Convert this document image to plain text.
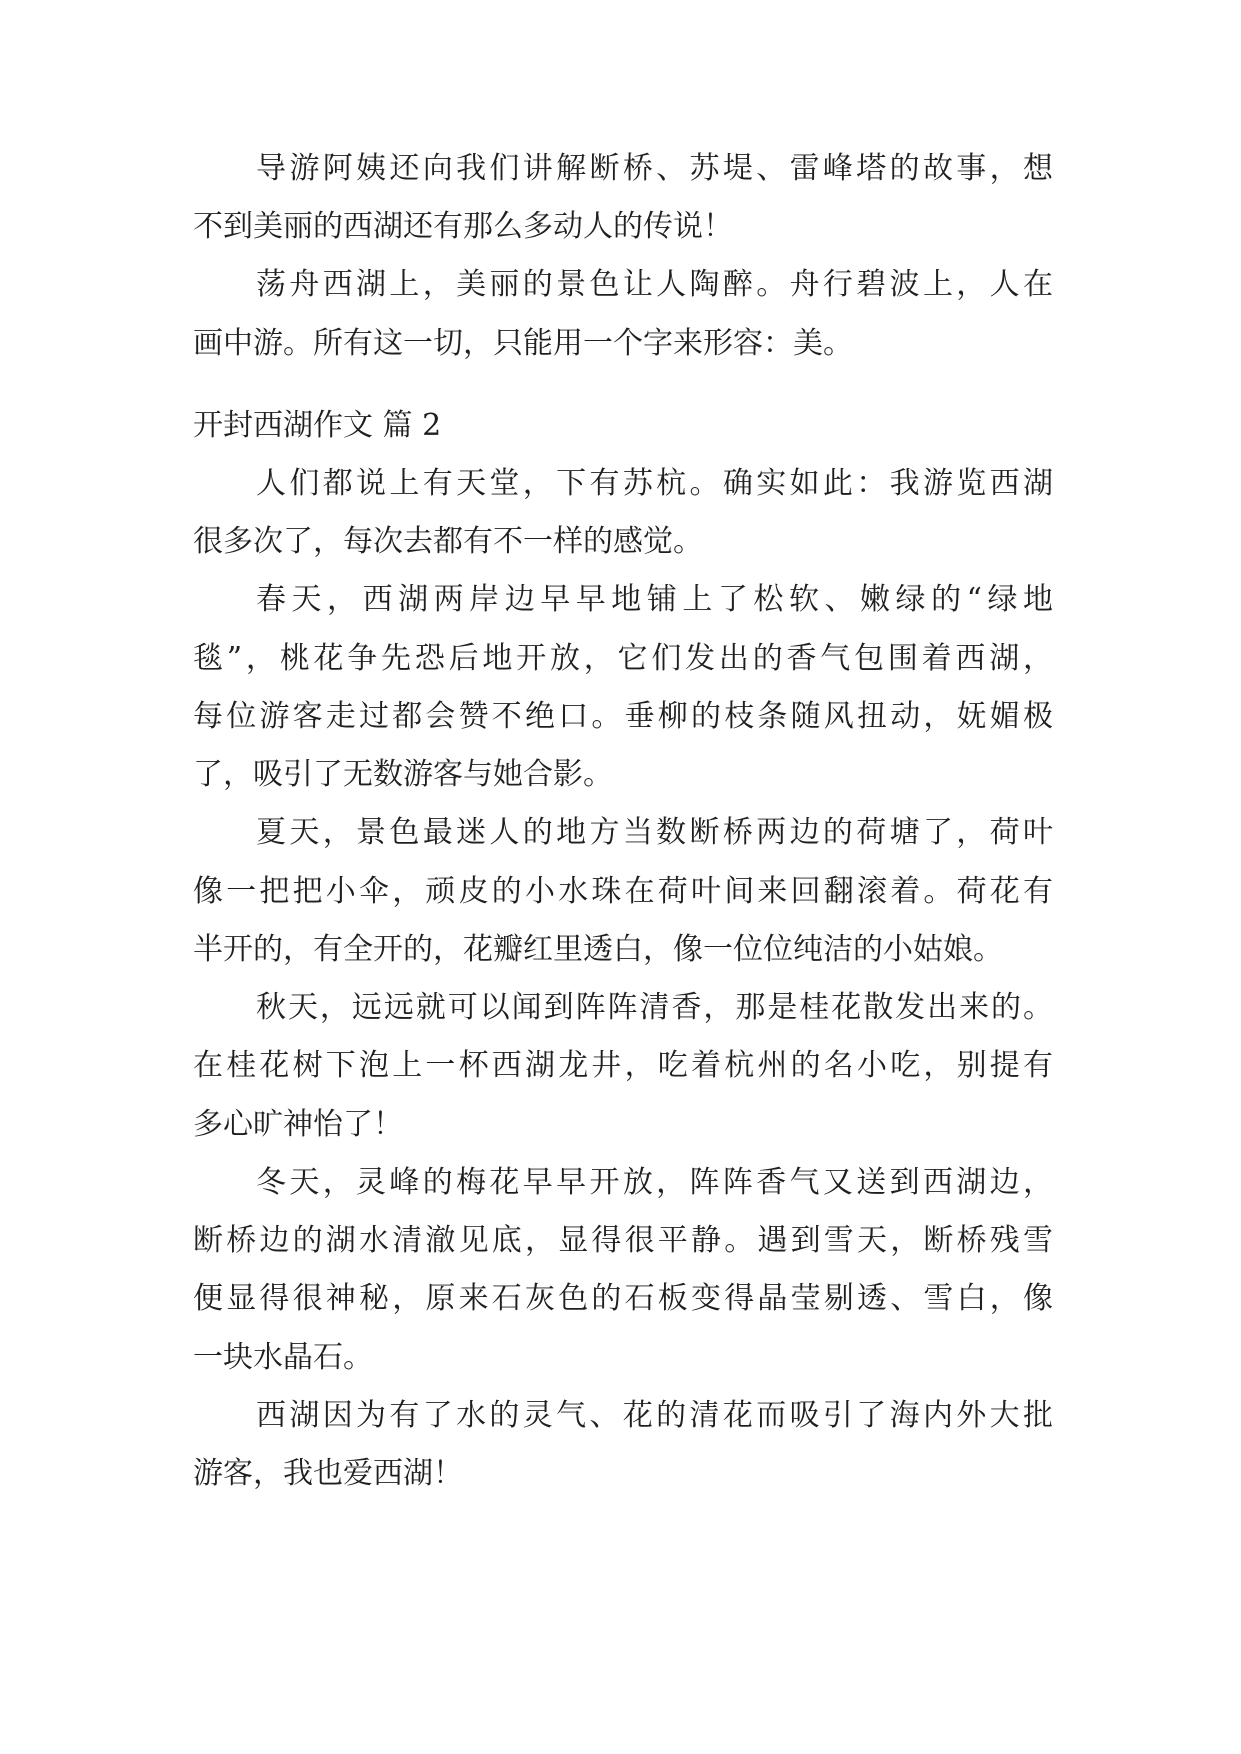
导游阿姨还向我们讲解断桥、苏堤、雷峰塔的故事，想

不到美丽的西湖还有那么多动人的传说！

荡舟西湖上，美丽的景色让人陶醉。舟行碧波上，人在

画中游。所有这一切，只能用一个字来形容：美。

开封西湖作文 篇 2

人们都说上有天堂，下有苏杭。确实如此：我游览西湖

很多次了，每次去都有不一样的感觉。

春天，西湖两岸边早早地铺上了松软、嫩绿的“绿地

毯”，桃花争先恐后地开放，它们发出的香气包围着西湖，

每位游客走过都会赞不绝口。垂柳的枝条随风扭动，妩媚极

了，吸引了无数游客与她合影。

夏天，景色最迷人的地方当数断桥两边的荷塘了，荷叶

像一把把小伞，顽皮的小水珠在荷叶间来回翻滚着。荷花有

半开的，有全开的，花瓣红里透白，像一位位纯洁的小姑娘。

秋天，远远就可以闻到阵阵清香，那是桂花散发出来的。

在桂花树下泡上一杯西湖龙井，吃着杭州的名小吃，别提有

多心旷神怡了！

冬天，灵峰的梅花早早开放，阵阵香气又送到西湖边，

断桥边的湖水清澈见底，显得很平静。遇到雪天，断桥残雪

便显得很神秘，原来石灰色的石板变得晶莹剔透、雪白，像

一块水晶石。

西湖因为有了水的灵气、花的清花而吸引了海内外大批

游客，我也爱西湖！
